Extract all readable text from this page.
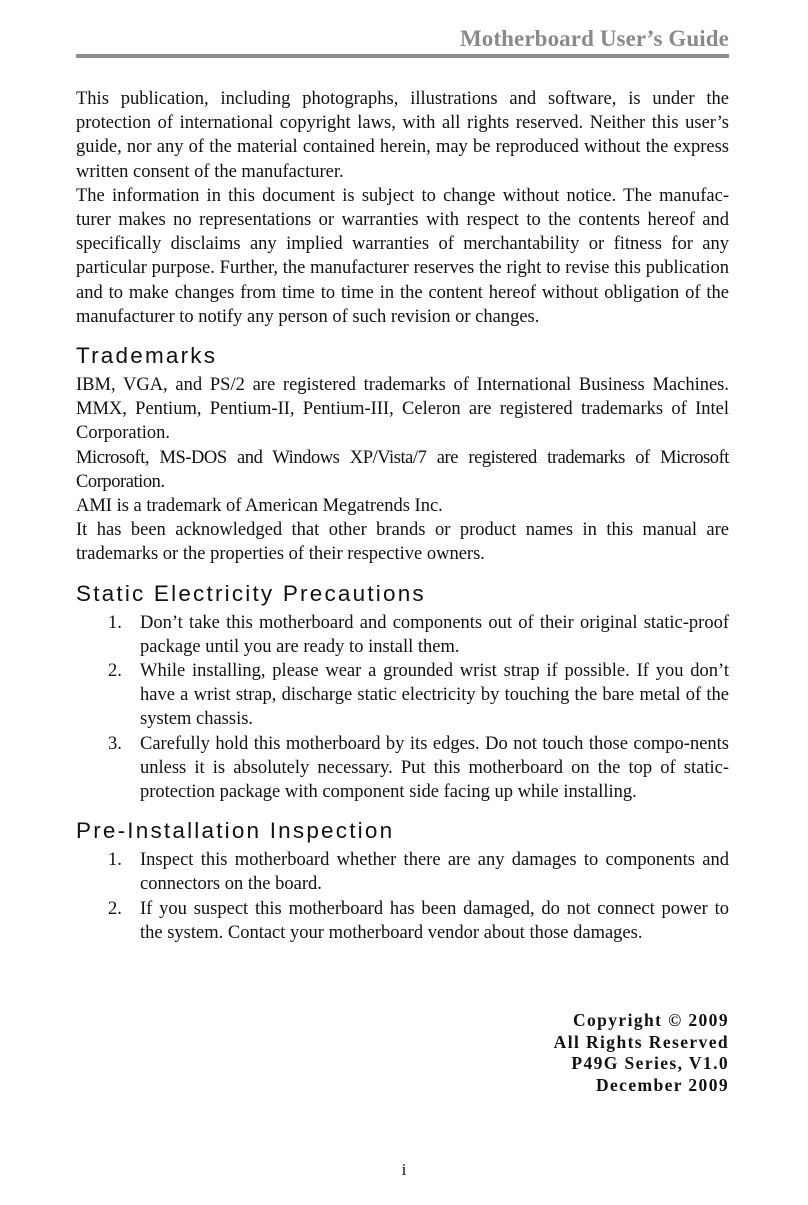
Motherboard User’s Guide

This publication, including photographs, illustrations and software, is under the protection of international copyright laws, with all rights reserved. Neither this user’s guide, nor any of the material contained herein, may be reproduced without the express written consent of the manufacturer.

The information in this document is subject to change without notice. The manufac-turer makes no representations or warranties with respect to the contents hereof and specifically disclaims any implied warranties of merchantability or fitness for any particular purpose. Further, the manufacturer reserves the right to revise this publication and to make changes from time to time in the content hereof without obligation of the manufacturer to notify any person of such revision or changes.

Trademarks

IBM, VGA, and PS/2 are registered trademarks of International Business Machines.

MMX, Pentium, Pentium-II, Pentium-III, Celeron are registered trademarks of Intel Corporation.

Microsoft, MS-DOS and Windows XP/Vista/7 are registered trademarks of Microsoft Corporation.

AMI is a trademark of American Megatrends Inc.

It has been acknowledged that other brands or product names in this manual are trademarks or the properties of their respective owners.

Static Electricity Precautions
1. Don’t take this motherboard and components out of their original static-proof package until you are ready to install them.
2. While installing, please wear a grounded wrist strap if possible. If you don’t have a wrist strap, discharge static electricity by touching the bare metal of the system chassis.
3. Carefully hold this motherboard by its edges. Do not touch those compo-nents unless it is absolutely necessary. Put this motherboard on the top of static-protection package with component side facing up while installing.
Pre-Installation Inspection
1. Inspect this motherboard whether there are any damages to components and connectors on the board.
2. If you suspect this motherboard has been damaged, do not connect power to the system. Contact your motherboard vendor about those damages.
Copyright © 2009
All Rights Reserved
P49G Series, V1.0
December 2009
i
